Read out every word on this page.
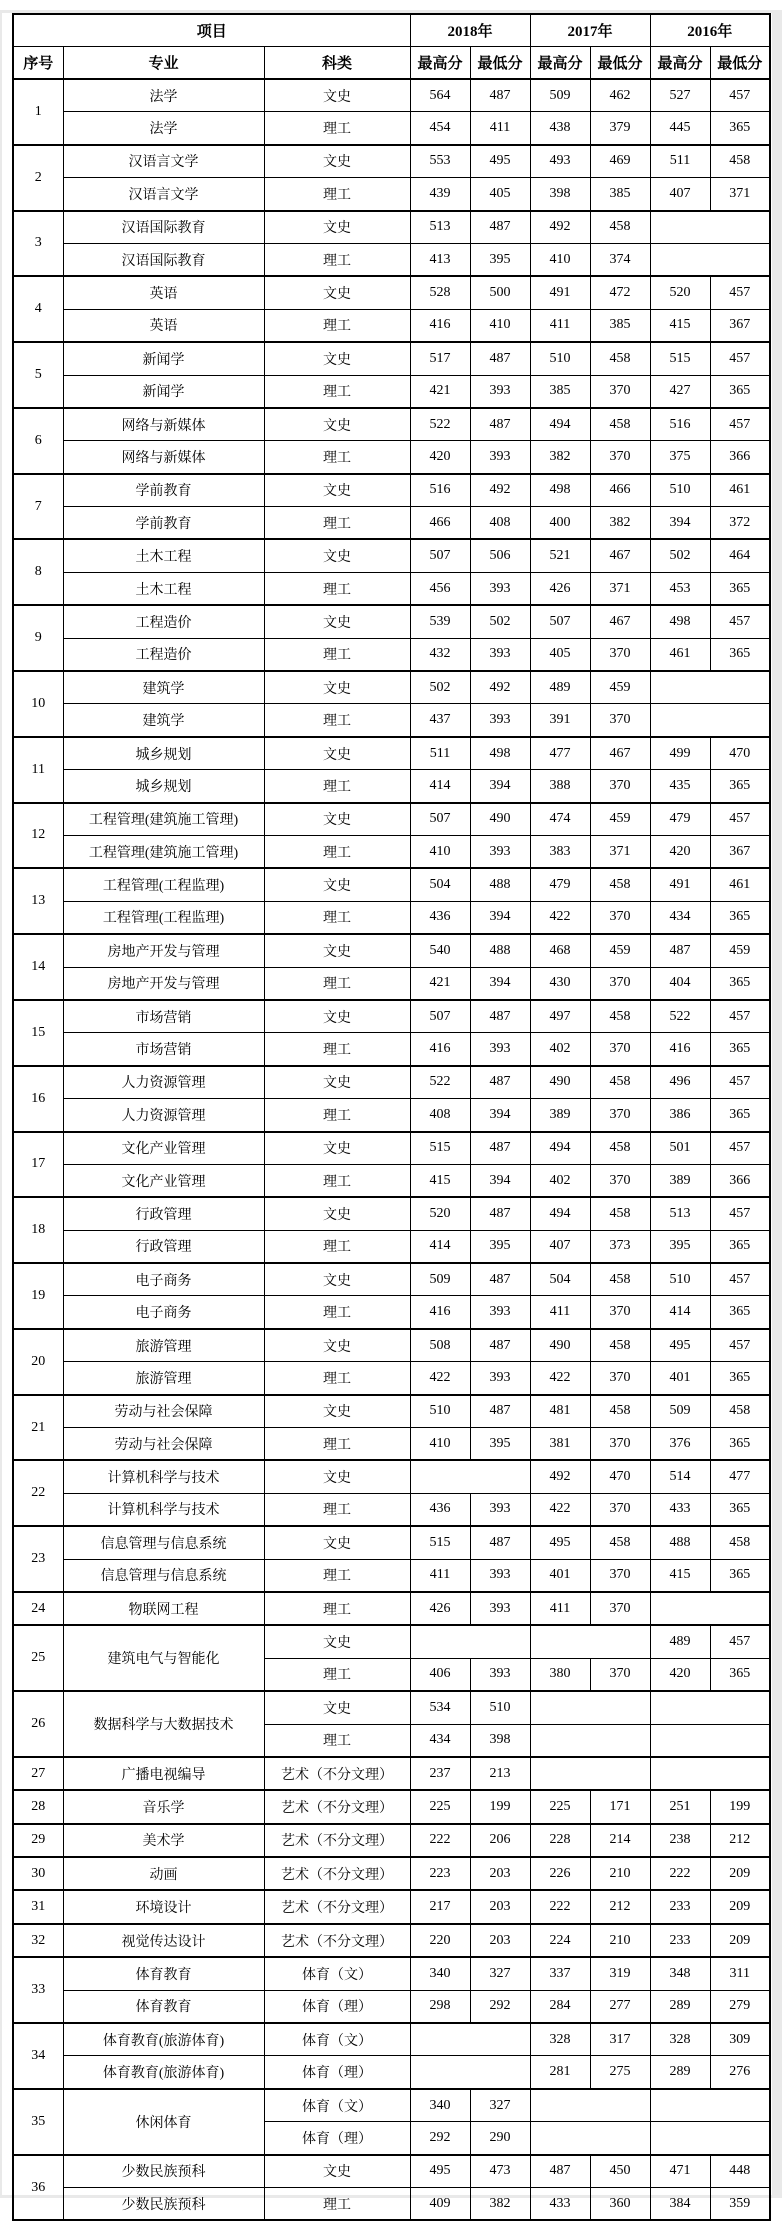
项目			2018年		2017年		2016年	
序号	专业	科类	最高分	最低分	最高分	最低分	最高分	最低分
1	法学	文史	564	487	509	462	527	457
	法学	理工	454	411	438	379	445	365
2	汉语言文学	文史	553	495	493	469	511	458
	汉语言文学	理工	439	405	398	385	407	371
3	汉语国际教育	文史	513	487	492	458		
	汉语国际教育	理工	413	395	410	374		
4	英语	文史	528	500	491	472	520	457
	英语	理工	416	410	411	385	415	367
5	新闻学	文史	517	487	510	458	515	457
	新闻学	理工	421	393	385	370	427	365
6	网络与新媒体	文史	522	487	494	458	516	457
	网络与新媒体	理工	420	393	382	370	375	366
7	学前教育	文史	516	492	498	466	510	461
	学前教育	理工	466	408	400	382	394	372
8	土木工程	文史	507	506	521	467	502	464
	土木工程	理工	456	393	426	371	453	365
9	工程造价	文史	539	502	507	467	498	457
	工程造价	理工	432	393	405	370	461	365
10	建筑学	文史	502	492	489	459		
	建筑学	理工	437	393	391	370		
11	城乡规划	文史	511	498	477	467	499	470
	城乡规划	理工	414	394	388	370	435	365
12	工程管理(建筑施工管理)	文史	507	490	474	459	479	457
	工程管理(建筑施工管理)	理工	410	393	383	371	420	367
13	工程管理(工程监理)	文史	504	488	479	458	491	461
	工程管理(工程监理)	理工	436	394	422	370	434	365
14	房地产开发与管理	文史	540	488	468	459	487	459
	房地产开发与管理	理工	421	394	430	370	404	365
15	市场营销	文史	507	487	497	458	522	457
	市场营销	理工	416	393	402	370	416	365
16	人力资源管理	文史	522	487	490	458	496	457
	人力资源管理	理工	408	394	389	370	386	365
17	文化产业管理	文史	515	487	494	458	501	457
	文化产业管理	理工	415	394	402	370	389	366
18	行政管理	文史	520	487	494	458	513	457
	行政管理	理工	414	395	407	373	395	365
19	电子商务	文史	509	487	504	458	510	457
	电子商务	理工	416	393	411	370	414	365
20	旅游管理	文史	508	487	490	458	495	457
	旅游管理	理工	422	393	422	370	401	365
21	劳动与社会保障	文史	510	487	481	458	509	458
	劳动与社会保障	理工	410	395	381	370	376	365
22	计算机科学与技术	文史			492	470	514	477
	计算机科学与技术	理工	436	393	422	370	433	365
23	信息管理与信息系统	文史	515	487	495	458	488	458
	信息管理与信息系统	理工	411	393	401	370	415	365
24	物联网工程	理工	426	393	411	370		
25	建筑电气与智能化	文史					489	457
		理工	406	393	380	370	420	365
26	数据科学与大数据技术	文史	534	510				
		理工	434	398				
27	广播电视编导	艺术（不分文理）	237	213				
28	音乐学	艺术（不分文理）	225	199	225	171	251	199
29	美术学	艺术（不分文理）	222	206	228	214	238	212
30	动画	艺术（不分文理）	223	203	226	210	222	209
31	环境设计	艺术（不分文理）	217	203	222	212	233	209
32	视觉传达设计	艺术（不分文理）	220	203	224	210	233	209
33	体育教育	体育（文）	340	327	337	319	348	311
	体育教育	体育（理）	298	292	284	277	289	279
34	体育教育(旅游体育)	体育（文）			328	317	328	309
	体育教育(旅游体育)	体育（理）			281	275	289	276
35	休闲体育	体育（文）	340	327				
		体育（理）	292	290				
36	少数民族预科	文史	495	473	487	450	471	448
	少数民族预科	理工	409	382	433	360	384	359
